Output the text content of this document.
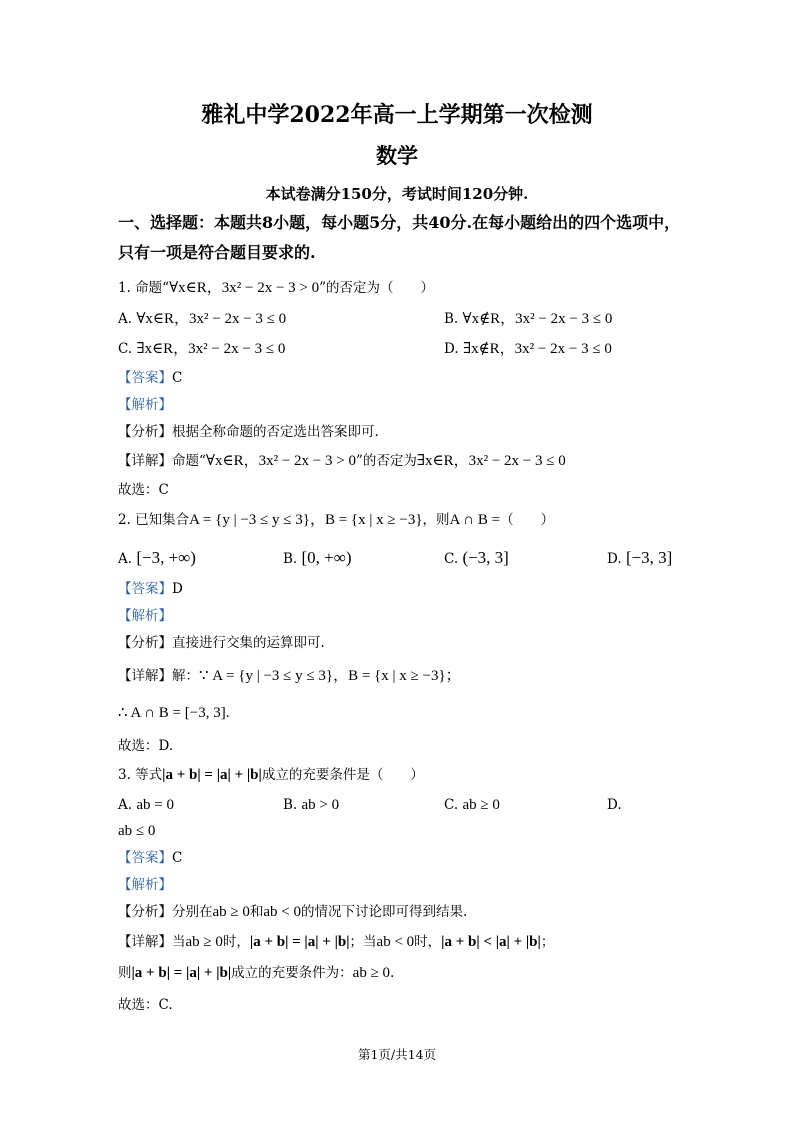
雅礼中学2022年高一上学期第一次检测
数学
本试卷满分150分，考试时间120分钟.
一、选择题：本题共8小题，每小题5分，共40分.在每小题给出的四个选项中，
只有一项是符合题目要求的.
1. 命题“∀x∈R，3x² − 2x − 3 > 0”的否定为（　　）
A. ∀x∈R，3x² − 2x − 3 ≤ 0	B. ∀x∉R，3x² − 2x − 3 ≤ 0
C. ∃x∈R，3x² − 2x − 3 ≤ 0	D. ∃x∉R，3x² − 2x − 3 ≤ 0
【答案】C
【解析】
【分析】根据全称命题的否定选出答案即可.
【详解】命题“∀x∈R，3x² − 2x − 3 > 0”的否定为∃x∈R，3x² − 2x − 3 ≤ 0
故选：C
2. 已知集合A = {y | −3 ≤ y ≤ 3}，B = {x | x ≥ −3}，则A ∩ B =（　　）
A. [−3, +∞)	B. [0, +∞)	C. (−3, 3]	D. [−3, 3]
【答案】D
【解析】
【分析】直接进行交集的运算即可.
【详解】解：∵ A = {y | −3 ≤ y ≤ 3}，B = {x | x ≥ −3}；
∴ A ∩ B = [−3, 3].
故选：D.
3. 等式|a + b| = |a| + |b|成立的充要条件是（　　）
A. ab = 0	B. ab > 0	C. ab ≥ 0	D.
ab ≤ 0
【答案】C
【解析】
【分析】分别在ab ≥ 0和ab < 0的情况下讨论即可得到结果.
【详解】当ab ≥ 0时，|a + b| = |a| + |b|；当ab < 0时，|a + b| < |a| + |b|；
则|a + b| = |a| + |b|成立的充要条件为：ab ≥ 0.
故选：C.
第1页/共14页
